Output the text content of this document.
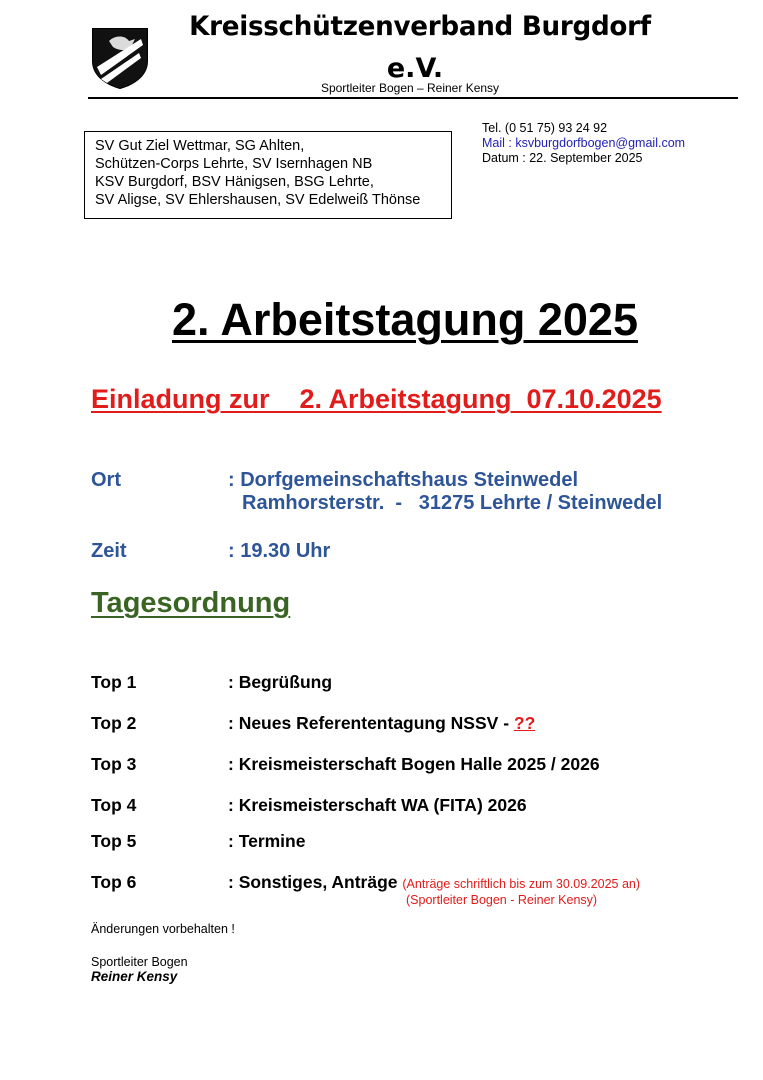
Kreisschützenverband Burgdorf
e.V.
Sportleiter Bogen – Reiner Kensy
SV Gut Ziel Wettmar, SG Ahlten,
Schützen-Corps Lehrte, SV Isernhagen NB
KSV Burgdorf, BSV Hänigsen, BSG Lehrte,
SV Aligse, SV Ehlershausen, SV Edelweiß Thönse
Tel. (0 51 75) 93 24 92
Mail : ksvburgdorfbogen@gmail.com
Datum : 22. September 2025
2. Arbeitstagung 2025
Einladung zur    2. Arbeitstagung  07.10.2025
Ort	: Dorfgemeinschaftshaus Steinwedel
Ramhorsterstr.  -   31275 Lehrte / Steinwedel
Zeit	: 19.30 Uhr
Tagesordnung
Top 1	: Begrüßung
Top 2	: Neues Referententagung NSSV - ??
Top 3	: Kreismeisterschaft Bogen Halle 2025 / 2026
Top 4	: Kreismeisterschaft WA (FITA) 2026
Top 5	: Termine
Top 6	: Sonstiges, Anträge (Anträge schriftlich bis zum 30.09.2025 an)
(Sportleiter Bogen - Reiner Kensy)
Änderungen vorbehalten !
Sportleiter Bogen
Reiner Kensy
